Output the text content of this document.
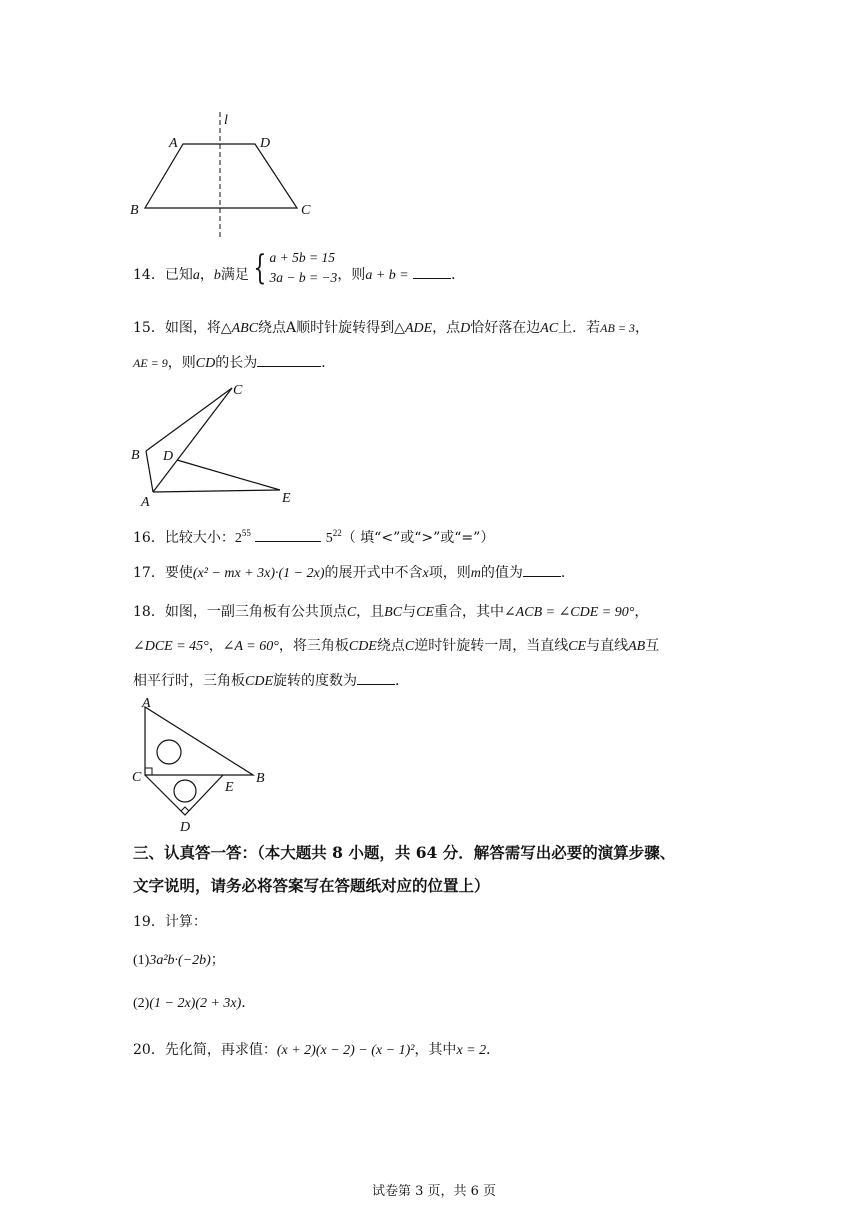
l
A	D
B	C
14．已知a，b满足 { a + 5b = 15
3a − b = −3，则a + b =	．
15．如图，将△ABC绕点A顺时针旋转得到△ADE，点D恰好落在边AC上．若AB = 3，
AE = 9，则CD的长为	．
C
B D
A	E
16．比较大小：$2^{55}$	$5^{22}$（ 填“<”或“>”或“=”）
17．要使(x² − mx + 3x)·(1 − 2x)的展开式中不含x项，则m的值为	．
18．如图，一副三角板有公共顶点C，且BC与CE重合，其中∠ACB = ∠CDE = 90°，
∠DCE = 45°，∠A = 60°，将三角板CDE绕点C逆时针旋转一周，当直线CE与直线AB互
相平行时，三角板CDE旋转的度数为	．
A
C
E
B
D
三、认真答一答：（本大题共 8 小题，共 64 分．解答需写出必要的演算步骤、
文字说明，请务必将答案写在答题纸对应的位置上）
19．计算：
(1)3a²b·(−2b)；
(2)(1 − 2x)(2 + 3x)．
20．先化简，再求值：(x + 2)(x − 2) − (x − 1)²，其中x = 2．
试卷第 3 页，共 6 页
